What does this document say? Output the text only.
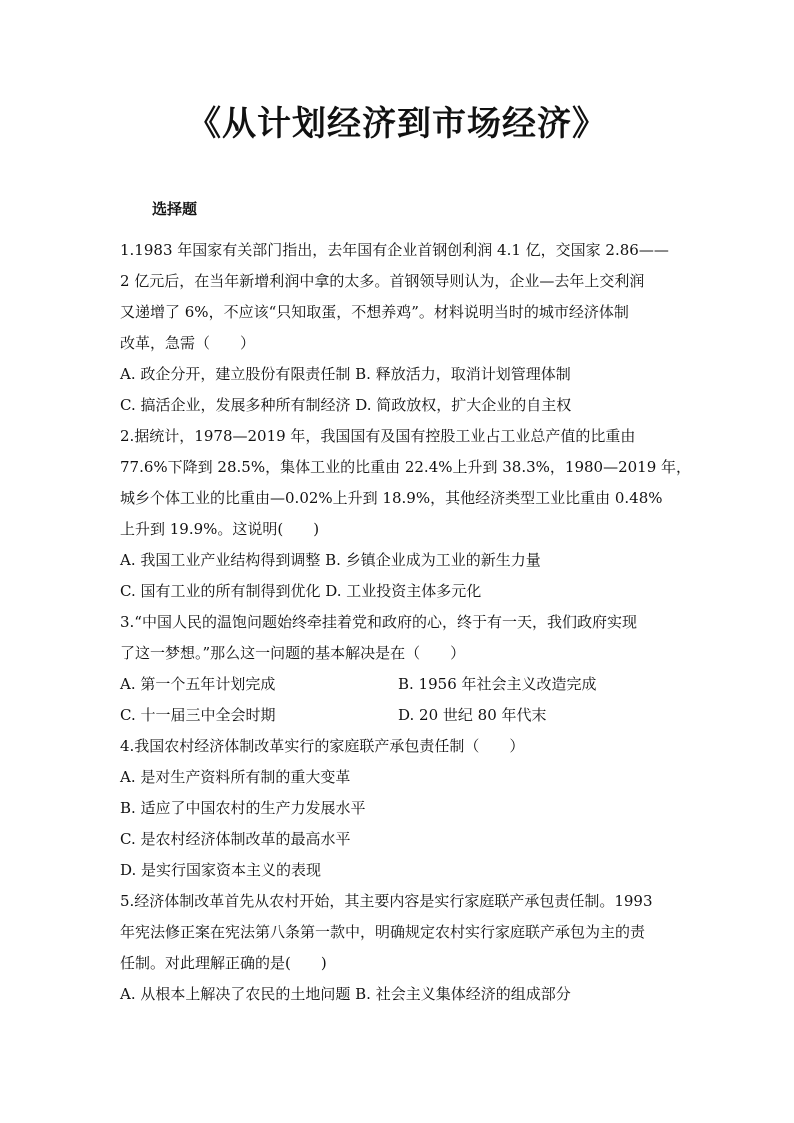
《从计划经济到市场经济》
选择题
1.1983 年国家有关部门指出，去年国有企业首钢创利润 4.1 亿，交国家 2.86——
2 亿元后，在当年新增利润中拿的太多。首钢领导则认为，企业—去年上交利润
又递增了 6%，不应该“只知取蛋，不想养鸡”。材料说明当时的城市经济体制
改革，急需（　　）
A. 政企分开，建立股份有限责任制 B. 释放活力，取消计划管理体制
C. 搞活企业，发展多种所有制经济 D. 简政放权，扩大企业的自主权
2.据统计，1978—2019 年，我国国有及国有控股工业占工业总产值的比重由
77.6%下降到 28.5%，集体工业的比重由 22.4%上升到 38.3%，1980—2019 年，
城乡个体工业的比重由—0.02%上升到 18.9%，其他经济类型工业比重由 0.48%
上升到 19.9%。这说明(　　)
A. 我国工业产业结构得到调整 B. 乡镇企业成为工业的新生力量
C. 国有工业的所有制得到优化 D. 工业投资主体多元化
3.“中国人民的温饱问题始终牵挂着党和政府的心，终于有一天，我们政府实现
了这一梦想。”那么这一问题的基本解决是在（　　）
A. 第一个五年计划完成	B. 1956 年社会主义改造完成
C. 十一届三中全会时期	D. 20 世纪 80 年代末
4.我国农村经济体制改革实行的家庭联产承包责任制（　　）
A. 是对生产资料所有制的重大变革
B. 适应了中国农村的生产力发展水平
C. 是农村经济体制改革的最高水平
D. 是实行国家资本主义的表现
5.经济体制改革首先从农村开始，其主要内容是实行家庭联产承包责任制。1993
年宪法修正案在宪法第八条第一款中，明确规定农村实行家庭联产承包为主的责
任制。对此理解正确的是(　　)
A. 从根本上解决了农民的土地问题 B. 社会主义集体经济的组成部分
